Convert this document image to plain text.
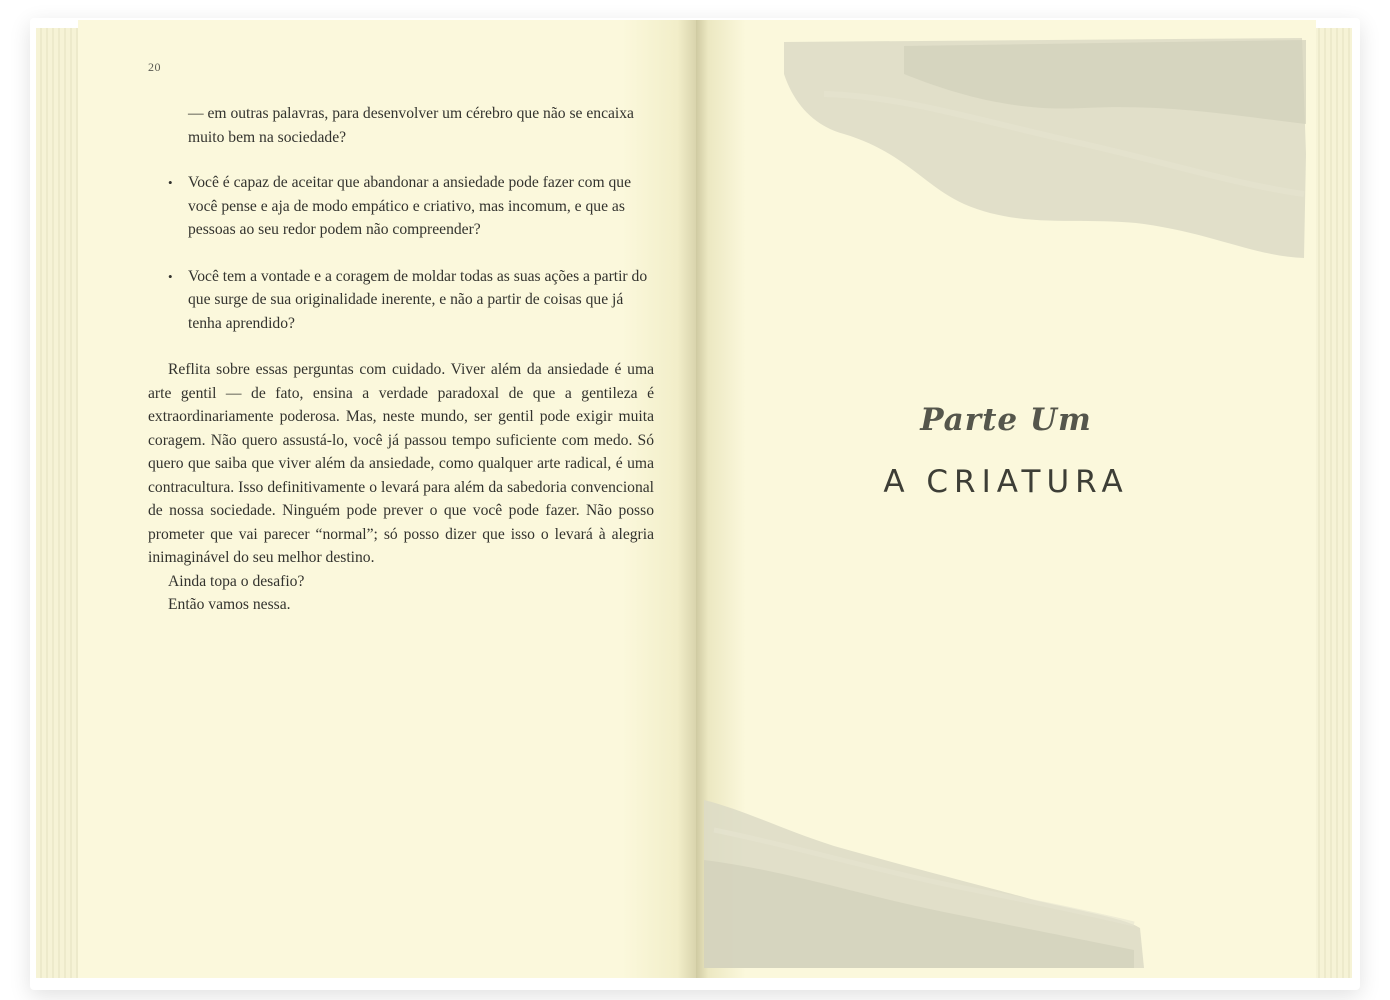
20

— em outras palavras, para desenvolver um cérebro que não se encaixa muito bem na sociedade?

• Você é capaz de aceitar que abandonar a ansiedade pode fazer com que você pense e aja de modo empático e criativo, mas incomum, e que as pessoas ao seu redor podem não compreender?
• Você tem a vontade e a coragem de moldar todas as suas ações a partir do que surge de sua originalidade inerente, e não a partir de coisas que já tenha aprendido?

Reflita sobre essas perguntas com cuidado. Viver além da ansiedade é uma arte gentil — de fato, ensina a verdade paradoxal de que a gentileza é extraordinariamente poderosa. Mas, neste mundo, ser gentil pode exigir muita coragem. Não quero assustá-lo, você já passou tempo suficiente com medo. Só quero que saiba que viver além da ansiedade, como qualquer arte radical, é uma contracultura. Isso definitivamente o levará para além da sabedoria convencional de nossa sociedade. Ninguém pode prever o que você pode fazer. Não posso prometer que vai parecer “normal”; só posso dizer que isso o levará à alegria inimaginável do seu melhor destino.

Ainda topa o desafio?

Então vamos nessa.

Parte Um
A CRIATURA
